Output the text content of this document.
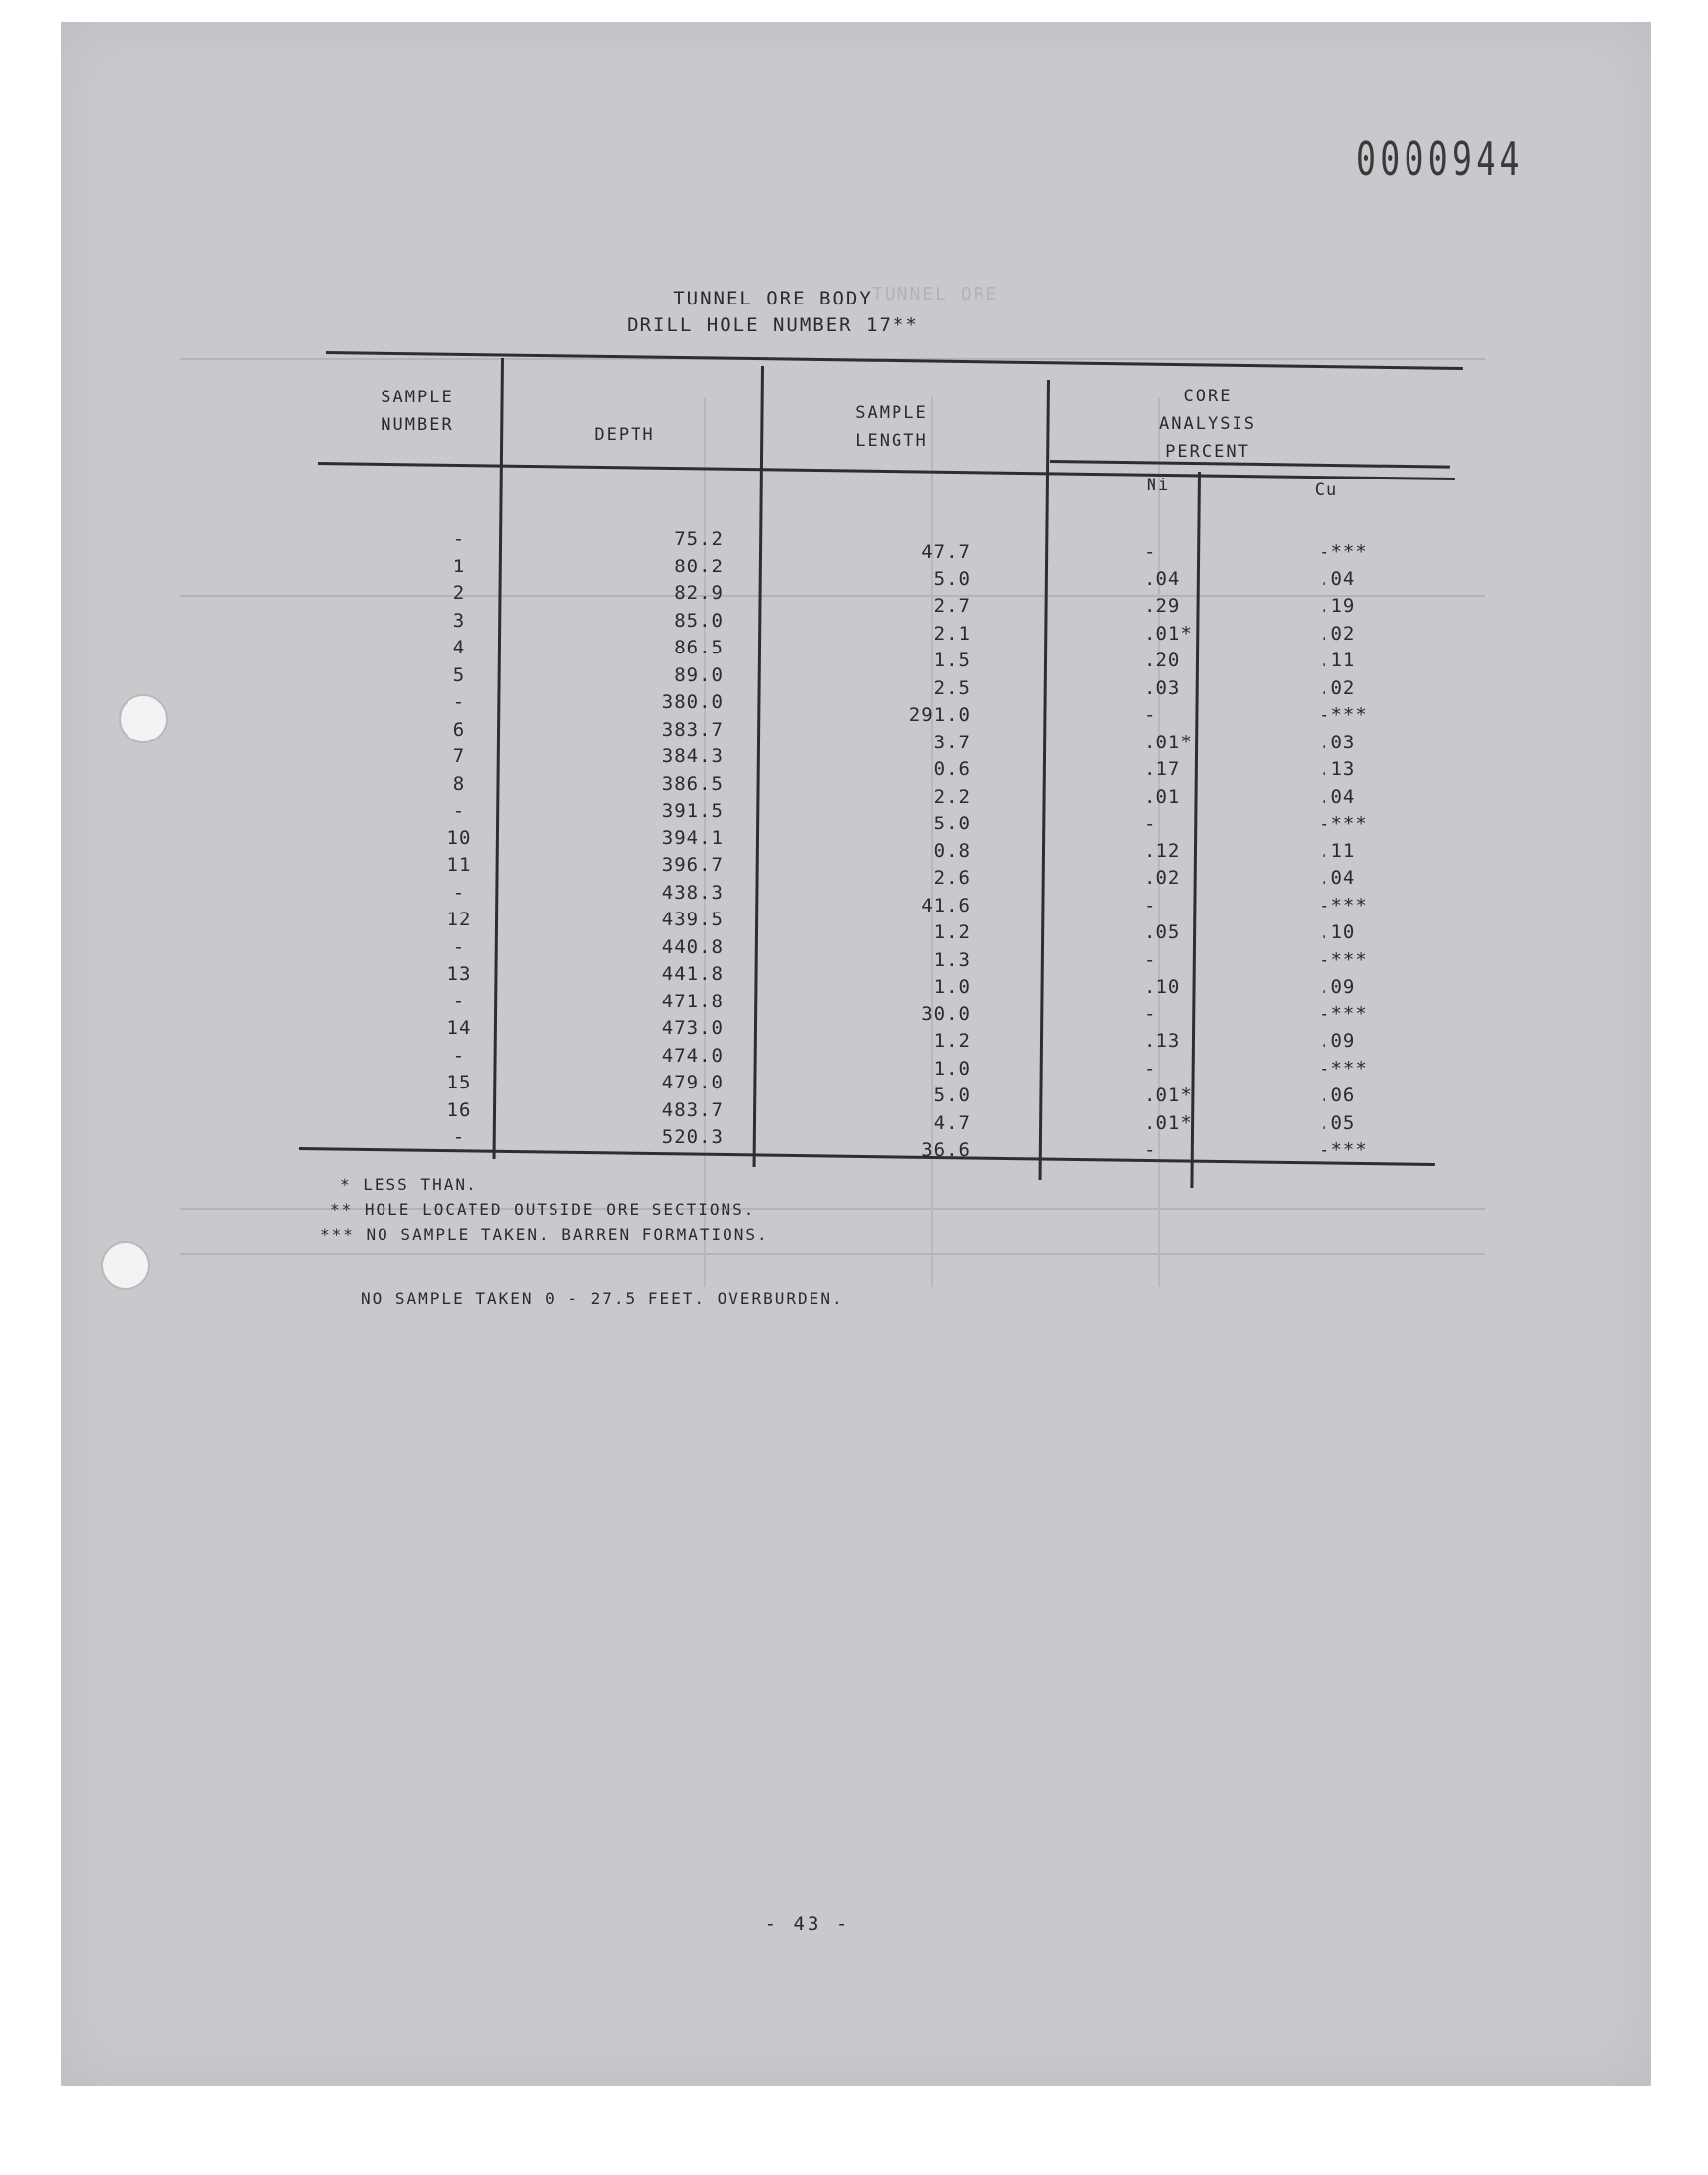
TUNNEL ORE
0000944
TUNNEL ORE BODY
DRILL HOLE NUMBER 17**
SAMPLE
NUMBER	DEPTH
SAMPLE
LENGTH
CORE
ANALYSIS
PERCENT
Ni	Cu
-
1
2
3
4
5
-
6
7
8
-
10
11
-
12
-
13
-
14
-
15
16
-
75.2
80.2
82.9
85.0
86.5
89.0
380.0
383.7
384.3
386.5
391.5
394.1
396.7
438.3
439.5
440.8
441.8
471.8
473.0
474.0
479.0
483.7
520.3
47.7
5.0
2.7
2.1
1.5
2.5
291.0
3.7
0.6
2.2
5.0
0.8
2.6
41.6
1.2
1.3
1.0
30.0
1.2
1.0
5.0
4.7
36.6
-
.04
.29
.01*
.20
.03
-
.01*
.17
.01
-
.12
.02
-
.05
-
.10
-
.13
-
.01*
.01*
-
-***
.04
.19
.02
.11
.02
-***
.03
.13
.04
-***
.11
.04
-***
.10
-***
.09
-***
.09
-***
.06
.05
-***
* LESS THAN.
** HOLE LOCATED OUTSIDE ORE SECTIONS.
*** NO SAMPLE TAKEN. BARREN FORMATIONS.
NO SAMPLE TAKEN 0 - 27.5 FEET. OVERBURDEN.
- 43 -
